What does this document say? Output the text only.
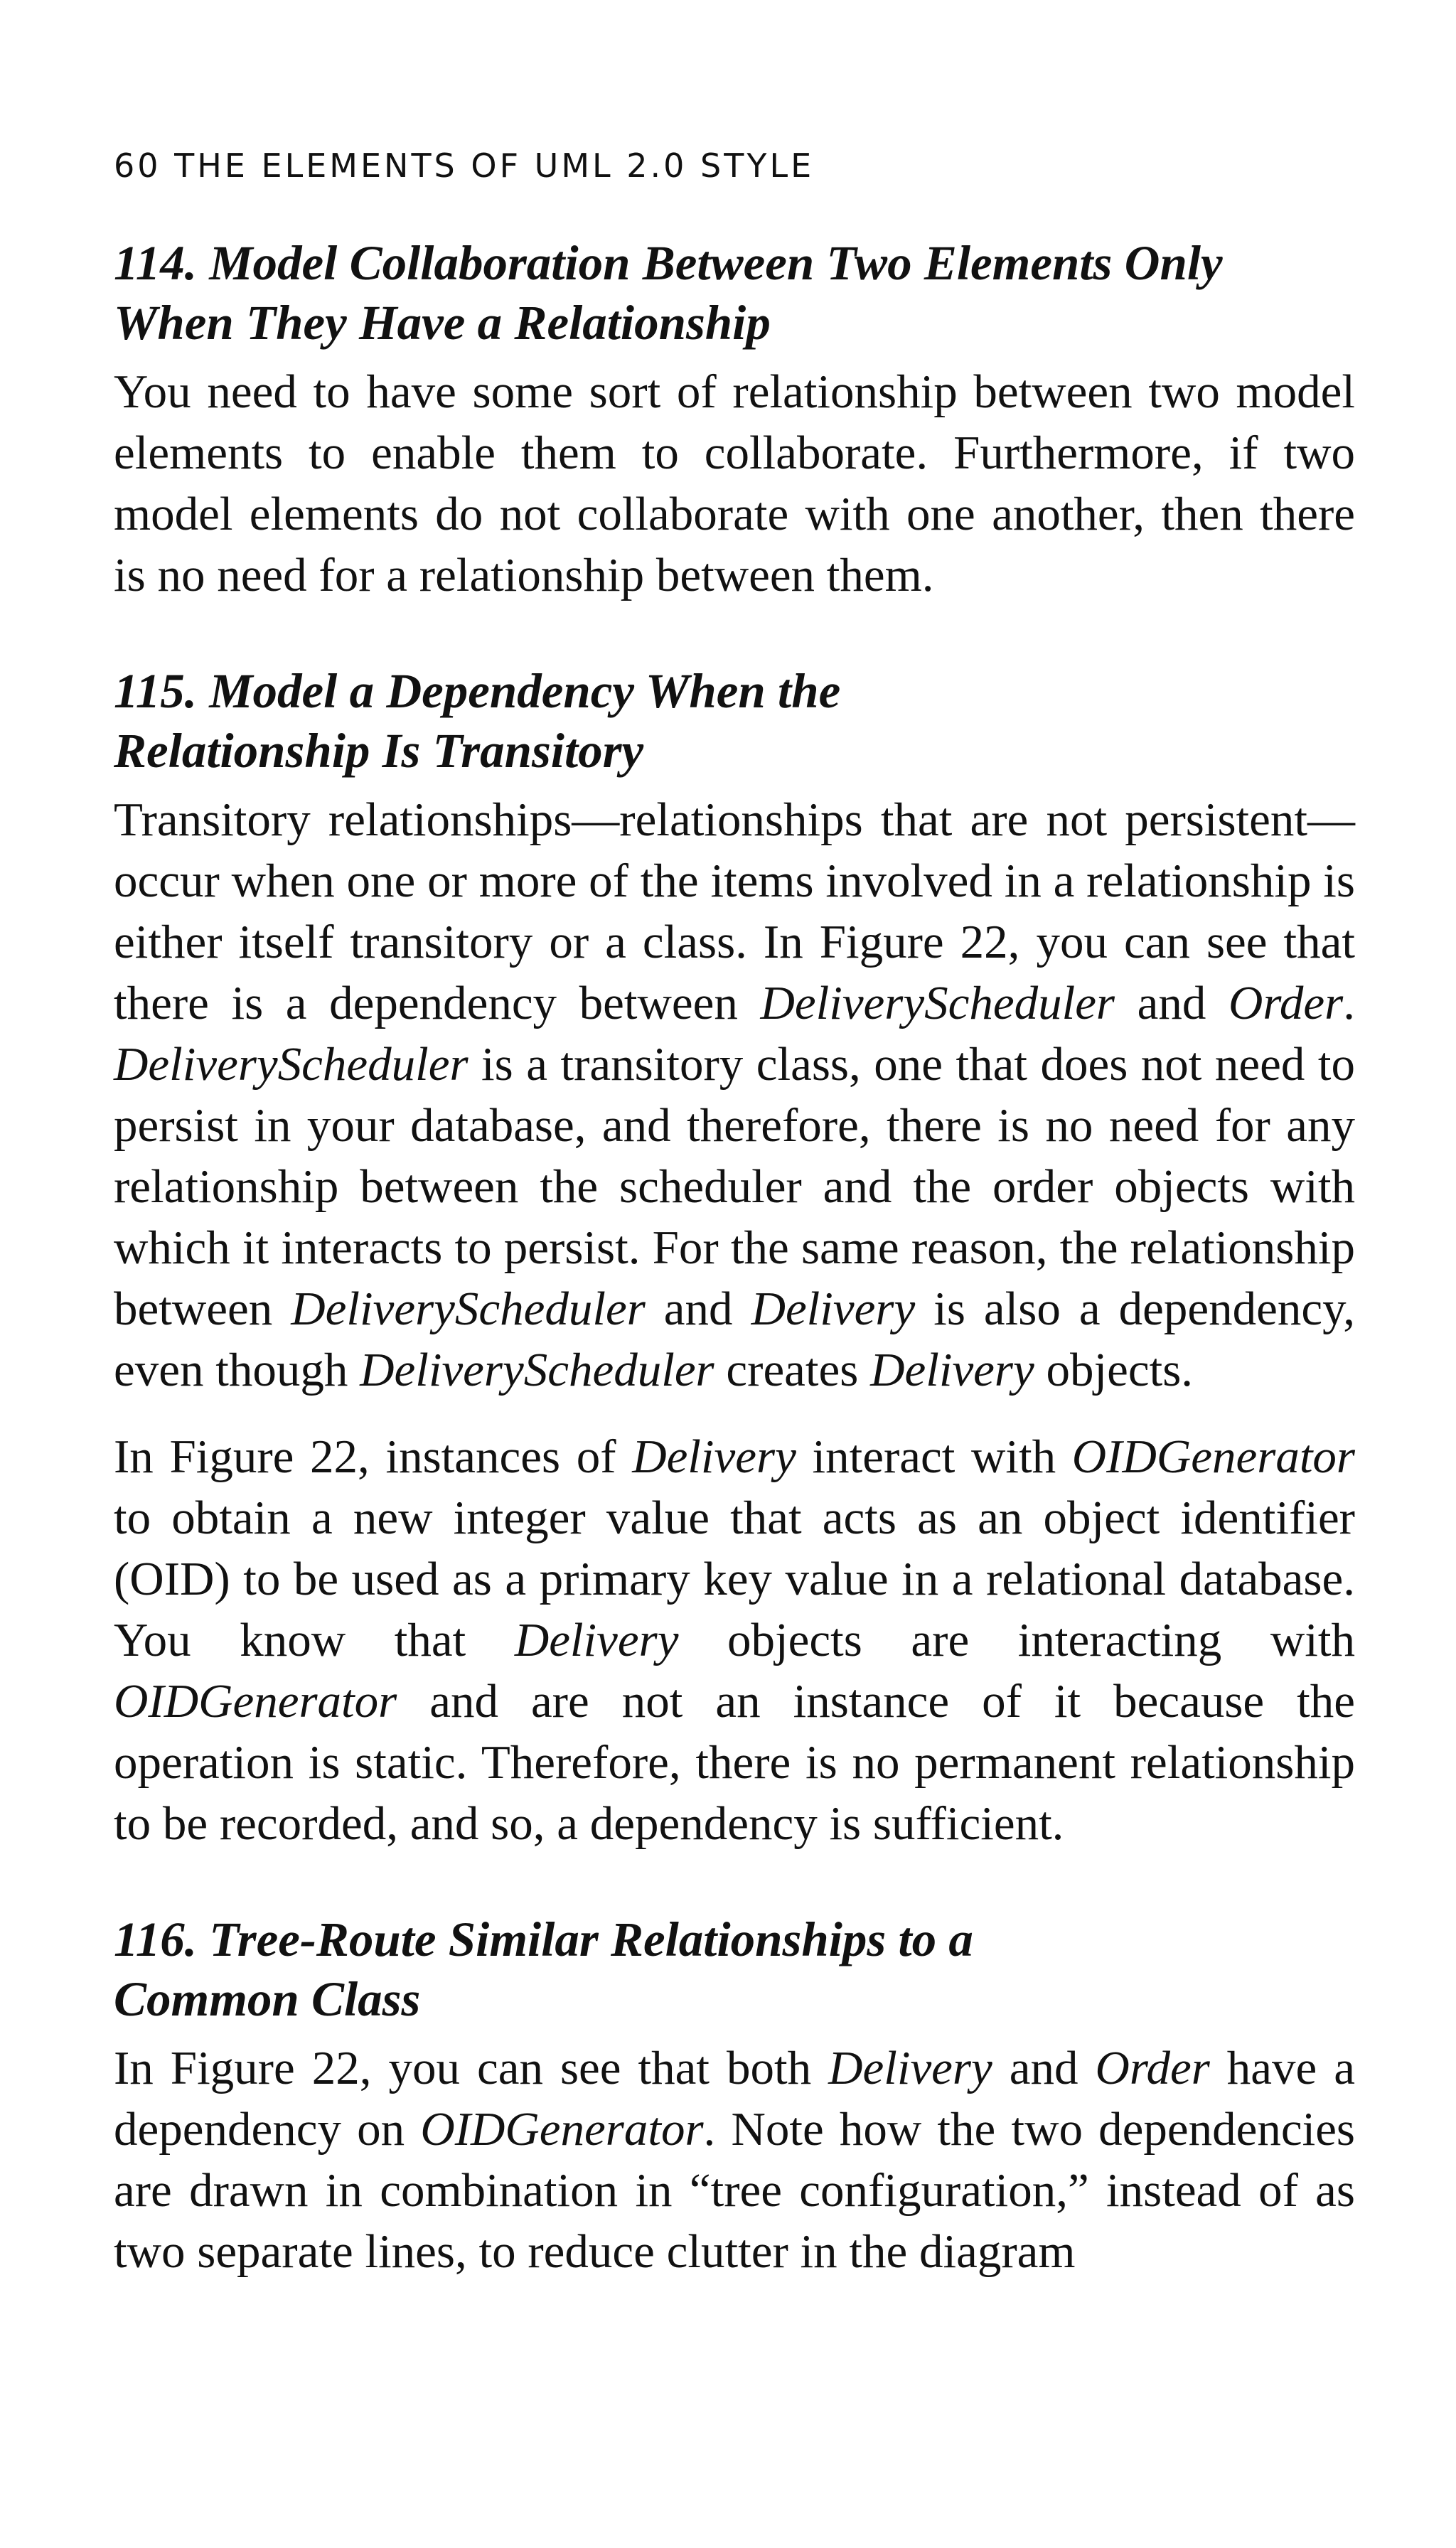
60 THE ELEMENTS OF UML 2.0 STYLE
114. Model Collaboration Between Two Elements Only
When They Have a Relationship

You need to have some sort of relationship between two model elements to enable them to collaborate. Furthermore, if two model elements do not collaborate with one another, then there is no need for a relationship between them.

115. Model a Dependency When the
Relationship Is Transitory

Transitory relationships—relationships that are not persistent—occur when one or more of the items involved in a relationship is either itself transitory or a class. In Figure 22, you can see that there is a dependency between DeliveryScheduler and Order. DeliveryScheduler is a transitory class, one that does not need to persist in your database, and therefore, there is no need for any relationship between the scheduler and the order objects with which it interacts to persist. For the same reason, the relationship between DeliveryScheduler and Delivery is also a dependency, even though DeliveryScheduler creates Delivery objects.

In Figure 22, instances of Delivery interact with OIDGenerator to obtain a new integer value that acts as an object identifier (OID) to be used as a primary key value in a relational database. You know that Delivery objects are interacting with OIDGenerator and are not an instance of it because the operation is static. Therefore, there is no permanent relationship to be recorded, and so, a dependency is sufficient.

116. Tree-Route Similar Relationships to a
Common Class

In Figure 22, you can see that both Delivery and Order have a dependency on OIDGenerator. Note how the two dependencies are drawn in combination in “tree configuration,” instead of as two separate lines, to reduce clutter in the diagram
